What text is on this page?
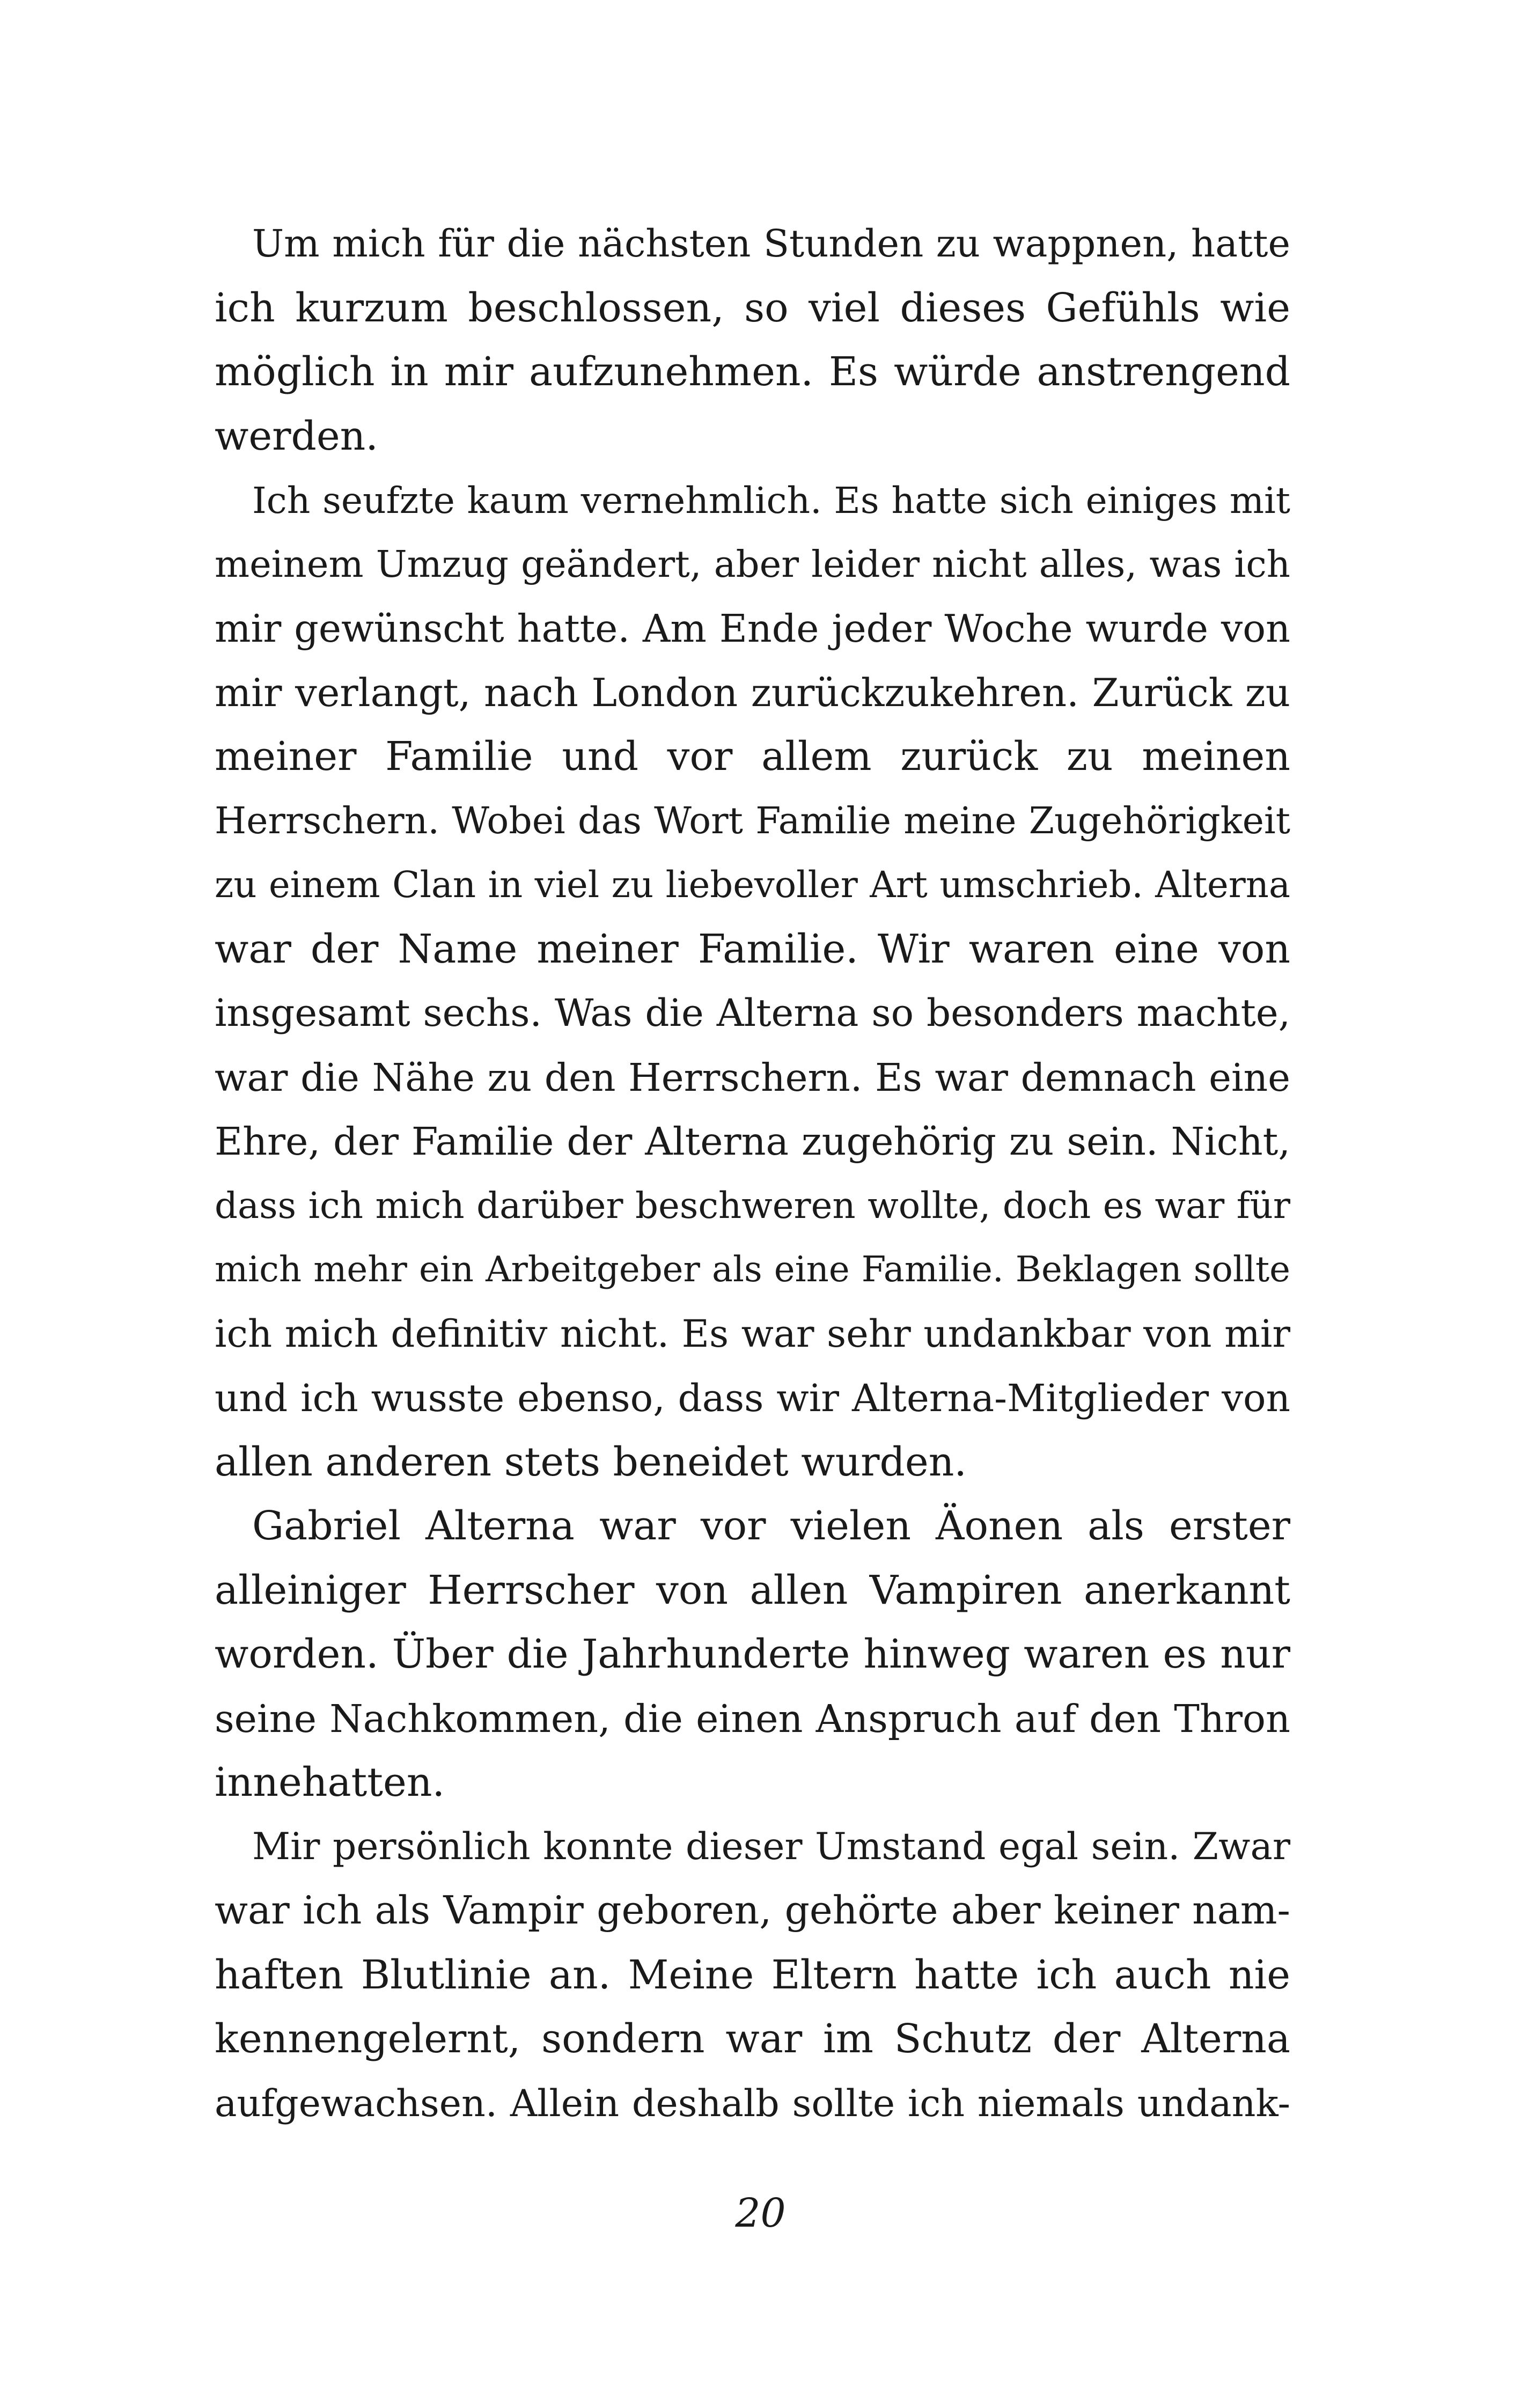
Um mich für die nächsten Stunden zu wappnen, hatte
ich kurzum beschlossen, so viel dieses Gefühls wie
möglich in mir aufzunehmen. Es würde anstrengend
werden.
Ich seufzte kaum vernehmlich. Es hatte sich einiges mit
meinem Umzug geändert, aber leider nicht alles, was ich
mir gewünscht hatte. Am Ende jeder Woche wurde von
mir verlangt, nach London zurückzukehren. Zurück zu
meiner Familie und vor allem zurück zu meinen
Herrschern. Wobei das Wort Familie meine Zugehörigkeit
zu einem Clan in viel zu liebevoller Art umschrieb. Alterna
war der Name meiner Familie. Wir waren eine von
insgesamt sechs. Was die Alterna so besonders machte,
war die Nähe zu den Herrschern. Es war demnach eine
Ehre, der Familie der Alterna zugehörig zu sein. Nicht,
dass ich mich darüber beschweren wollte, doch es war für
mich mehr ein Arbeitgeber als eine Familie. Beklagen sollte
ich mich definitiv nicht. Es war sehr undankbar von mir
und ich wusste ebenso, dass wir Alterna-Mitglieder von
allen anderen stets beneidet wurden.
Gabriel Alterna war vor vielen Äonen als erster
alleiniger Herrscher von allen Vampiren anerkannt
worden. Über die Jahrhunderte hinweg waren es nur
seine Nachkommen, die einen Anspruch auf den Thron
innehatten.
Mir persönlich konnte dieser Umstand egal sein. Zwar
war ich als Vampir geboren, gehörte aber keiner nam-
haften Blutlinie an. Meine Eltern hatte ich auch nie
kennengelernt, sondern war im Schutz der Alterna
aufgewachsen. Allein deshalb sollte ich niemals undank-
20
